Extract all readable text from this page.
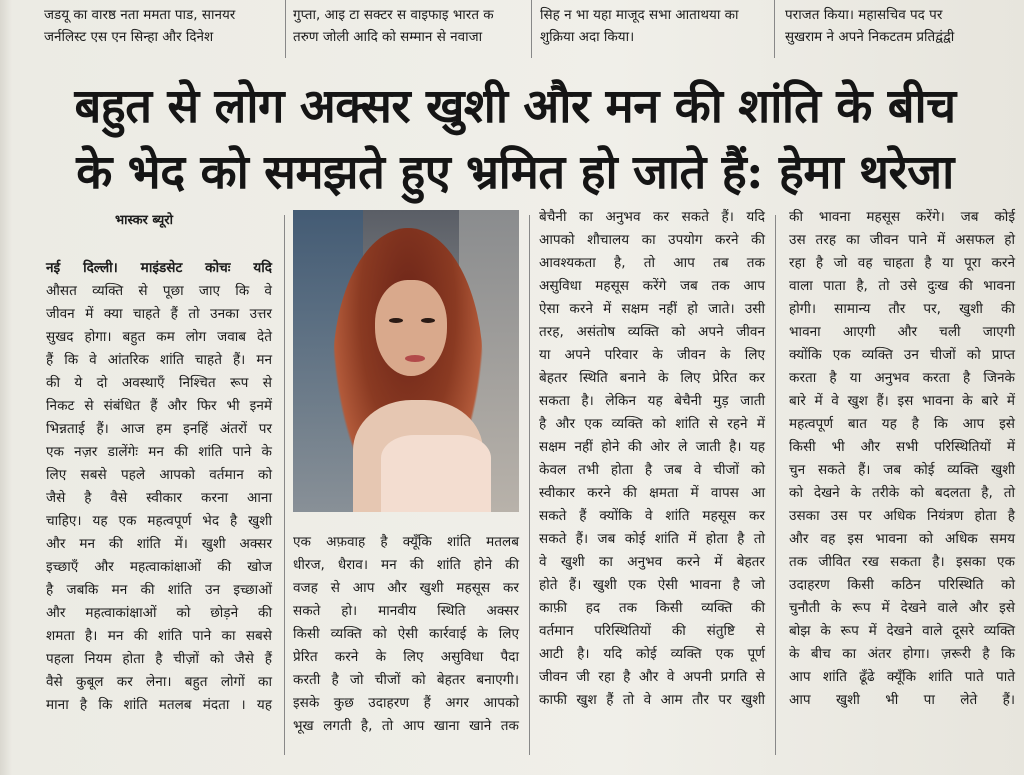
जडयू का वारष्ठ नता ममता पाड, सानयर
जर्नलिस्ट एस एन सिन्हा और दिनेश
गुप्ता, आइ टा सक्टर स वाइफाइ भारत क
तरुण जोली आदि को सम्मान से नवाजा
सिह न भा यहा माजूद सभा आताथया का
शुक्रिया अदा किया।
पराजत किया। महासचिव पद पर
सुखराम ने अपने निकटतम प्रतिद्वंद्वी
बहुत से लोग अक्सर खुशी और मन की शांति के बीच
के भेद को समझते हुए भ्रमित हो जाते हैं: हेमा थरेजा
भास्कर ब्यूरो

नई दिल्ली। माइंडसेट कोचः यदि

औसत व्यक्ति से पूछा जाए कि वे

जीवन में क्या चाहते हैं तो उनका उत्तर

सुखद होगा। बहुत कम लोग जवाब देते

हैं कि वे आंतरिक शांति चाहते हैं। मन

की ये दो अवस्थाएँ निश्चित रूप से

निकट से संबंधित हैं और फिर भी इनमें

भिन्नताई हैं। आज हम इनहिं अंतरों पर

एक नज़र डालेंगेः मन की शांति पाने के

लिए सबसे पहले आपको वर्तमान को

जैसे है वैसे स्वीकार करना आना

चाहिए। यह एक महत्वपूर्ण भेद है खुशी

और मन की शांति में। खुशी अक्सर

इच्छाएँ और महत्वाकांक्षाओं की खोज

है जबकि मन की शांति उन इच्छाओं

और महत्वाकांक्षाओं को छोड़ने की

शमता है। मन की शांति पाने का सबसे

पहला नियम होता है चीज़ों को जैसे हैं

वैसे कुबूल कर लेना। बहुत लोगों का

माना है कि शांति मतलब मंदता । यह

एक अफ़वाह है क्यूँकि शांति मतलब

धीरज, धैराव। मन की शांति होने की

वजह से आप और खुशी महसूस कर

सकते हो। मानवीय स्थिति अक्सर

किसी व्यक्ति को ऐसी कार्रवाई के लिए

प्रेरित करने के लिए असुविधा पैदा

करती है जो चीजों को बेहतर बनाएगी।

इसके कुछ उदाहरण हैं अगर आपको

भूख लगती है, तो आप खाना खाने तक

बेचैनी का अनुभव कर सकते हैं। यदि

आपको शौचालय का उपयोग करने की

आवश्यकता है, तो आप तब तक

असुविधा महसूस करेंगे जब तक आप

ऐसा करने में सक्षम नहीं हो जाते। उसी

तरह, असंतोष व्यक्ति को अपने जीवन

या अपने परिवार के जीवन के लिए

बेहतर स्थिति बनाने के लिए प्रेरित कर

सकता है। लेकिन यह बेचैनी मुड़ जाती

है और एक व्यक्ति को शांति से रहने में

सक्षम नहीं होने की ओर ले जाती है। यह

केवल तभी होता है जब वे चीजों को

स्वीकार करने की क्षमता में वापस आ

सकते हैं क्योंकि वे शांति महसूस कर

सकते हैं। जब कोई शांति में होता है तो

वे खुशी का अनुभव करने में बेहतर

होते हैं। खुशी एक ऐसी भावना है जो

काफ़ी हद तक किसी व्यक्ति की

वर्तमान परिस्थितियों की संतुष्टि से

आटी है। यदि कोई व्यक्ति एक पूर्ण

जीवन जी रहा है और वे अपनी प्रगति से

काफी खुश हैं तो वे आम तौर पर खुशी

की भावना महसूस करेंगे। जब कोई

उस तरह का जीवन पाने में असफल हो

रहा है जो वह चाहता है या पूरा करने

वाला पाता है, तो उसे दुःख की भावना

होगी। सामान्य तौर पर, खुशी की

भावना आएगी और चली जाएगी

क्योंकि एक व्यक्ति उन चीजों को प्राप्त

करता है या अनुभव करता है जिनके

बारे में वे खुश हैं। इस भावना के बारे में

महत्वपूर्ण बात यह है कि आप इसे

किसी भी और सभी परिस्थितियों में

चुन सकते हैं। जब कोई व्यक्ति खुशी

को देखने के तरीके को बदलता है, तो

उसका उस पर अधिक नियंत्रण होता है

और वह इस भावना को अधिक समय

तक जीवित रख सकता है। इसका एक

उदाहरण किसी कठिन परिस्थिति को

चुनौती के रूप में देखने वाले और इसे

बोझ के रूप में देखने वाले दूसरे व्यक्ति

के बीच का अंतर होगा। ज़रूरी है कि

आप शांति ढूँढे क्यूँकि शांति पाते पाते

आप खुशी भी पा लेते हैं।
